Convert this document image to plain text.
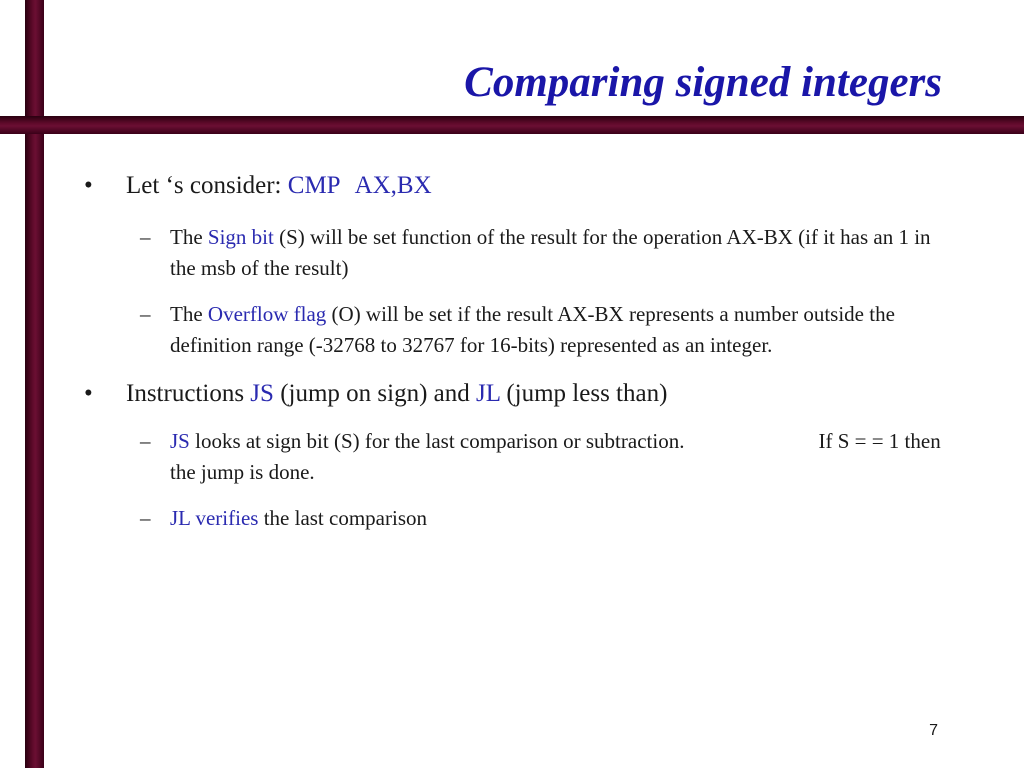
Comparing signed integers
• Let ‘s consider: CMP AX,BX
– The Sign bit (S) will be set function of the result for the operation AX-BX (if it has an 1 in the msb of the result)
– The Overflow flag (O) will be set if the result AX-BX represents a number outside the definition range (-32768 to 32767 for 16-bits) represented as an integer.
• Instructions JS (jump on sign) and JL (jump less than)
– JS looks at sign bit (S) for the last comparison or subtraction.	If S = = 1 then the jump is done.
– JL verifies the last comparison
7
